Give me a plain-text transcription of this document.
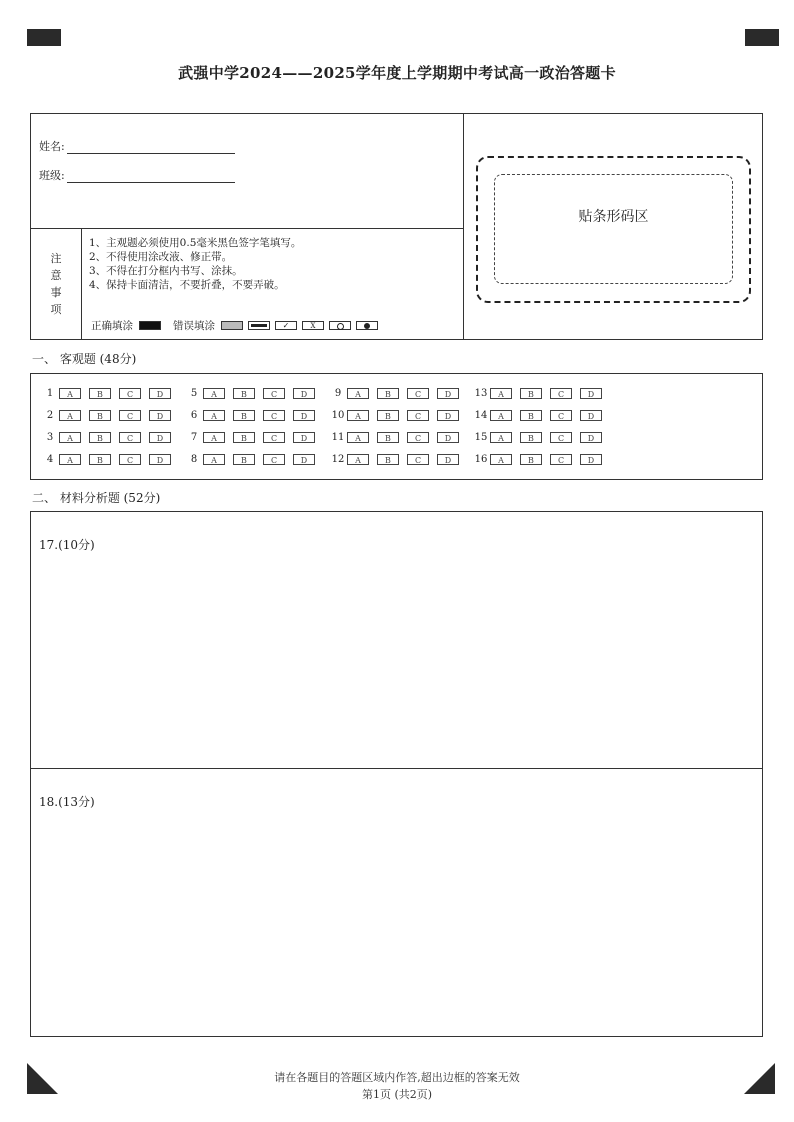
武强中学2024——2025学年度上学期期中考试高一政治答题卡
姓名:
班级:
注
意
事
项
1、主观题必须使用0.5毫米黑色签字笔填写。
2、不得使用涂改液、修正带。
3、不得在打分框内书写、涂抹。
4、保持卡面清洁，不要折叠，不要弄破。
正确填涂	错误填涂	✓	X
贴条形码区
一、 客观题 (48分)
1	A	B	C	D
2	A	B	C	D
3	A	B	C	D
4	A	B	C	D
5	A	B	C	D
6	A	B	C	D
7	A	B	C	D
8	A	B	C	D
9	A	B	C	D
10	A	B	C	D
11	A	B	C	D
12	A	B	C	D
13	A	B	C	D
14	A	B	C	D
15	A	B	C	D
16	A	B	C	D
二、 材料分析题 (52分)
17.(10分)
18.(13分)
请在各题目的答题区域内作答,超出边框的答案无效
第1页 (共2页)
